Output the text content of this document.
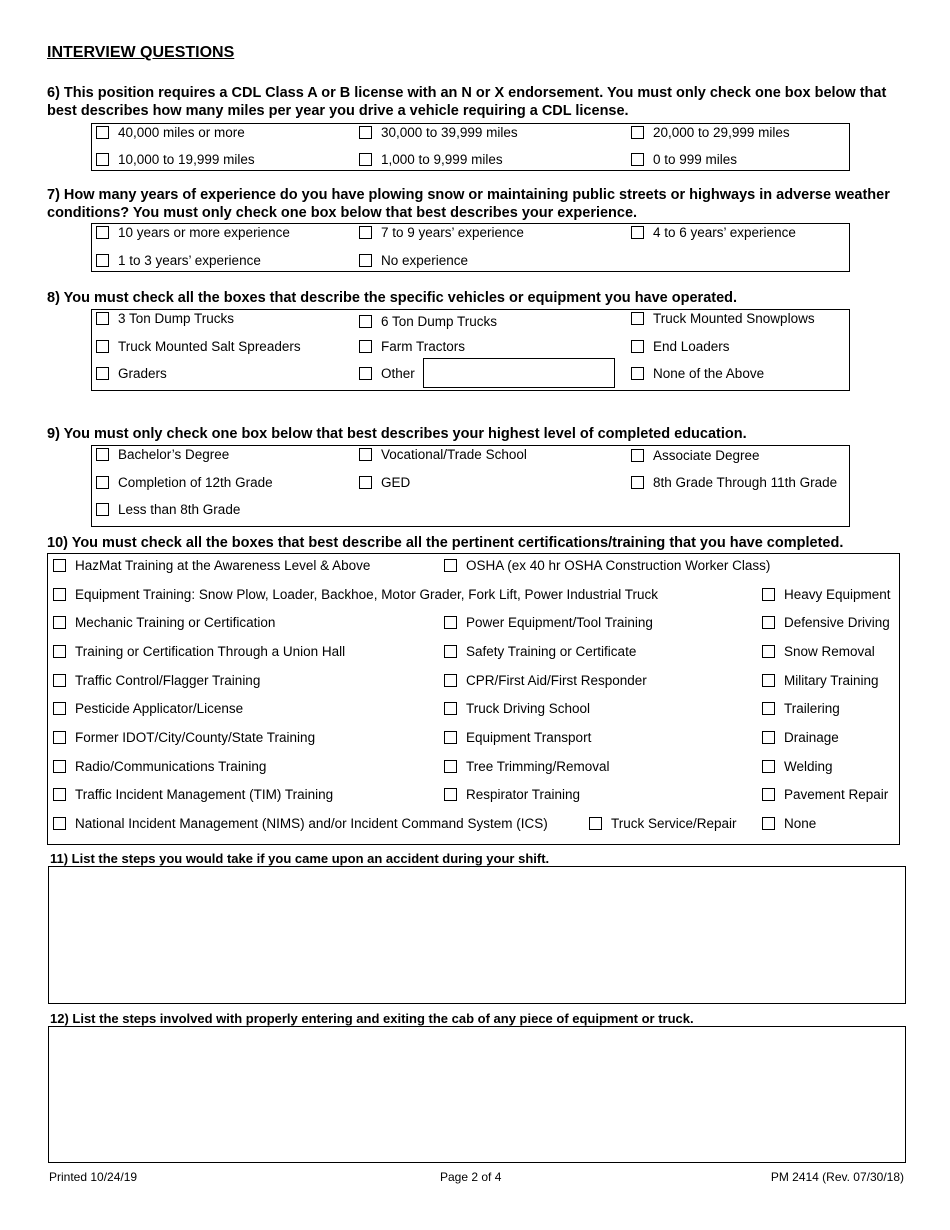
INTERVIEW QUESTIONS
6) This position requires a CDL Class A or B license with an N or X endorsement. You must only check one box below that best describes how many miles per year you drive a vehicle requiring a CDL license.
40,000 miles or more	30,000 to 39,999 miles	20,000 to 29,999 miles
10,000 to 19,999 miles	1,000 to 9,999 miles	0 to 999 miles
7) How many years of experience do you have plowing snow or maintaining public streets or highways in adverse weather conditions? You must only check one box below that best describes your experience.
10 years or more experience	7 to 9 years’ experience	4 to 6 years’ experience
1 to 3 years’ experience	No experience
8) You must check all the boxes that describe the specific vehicles or equipment you have operated.
3 Ton Dump Trucks	6 Ton Dump Trucks	Truck Mounted Snowplows
Truck Mounted Salt Spreaders	Farm Tractors	End Loaders
Graders	Other	None of the Above
9) You must only check one box below that best describes your highest level of completed education.
Bachelor’s Degree	Vocational/Trade School	Associate Degree
Completion of 12th Grade	GED	8th Grade Through 11th Grade
Less than 8th Grade
10) You must check all the boxes that best describe all the pertinent certifications/training that you have completed.
HazMat Training at the Awareness Level & Above	OSHA (ex 40 hr OSHA Construction Worker Class)
Equipment Training: Snow Plow, Loader, Backhoe, Motor Grader, Fork Lift, Power Industrial Truck	Heavy Equipment
Mechanic Training or Certification	Power Equipment/Tool Training	Defensive Driving
Training or Certification Through a Union Hall	Safety Training or Certificate	Snow Removal
Traffic Control/Flagger Training	CPR/First Aid/First Responder	Military Training
Pesticide Applicator/License	Truck Driving School	Trailering
Former IDOT/City/County/State Training	Equipment Transport	Drainage
Radio/Communications Training	Tree Trimming/Removal	Welding
Traffic Incident Management (TIM) Training	Respirator Training	Pavement Repair
National Incident Management (NIMS) and/or Incident Command System (ICS)	Truck Service/Repair	None
11) List the steps you would take if you came upon an accident during your shift.
12) List the steps involved with properly entering and exiting the cab of any piece of equipment or truck.
Printed 10/24/19	Page 2 of 4	PM 2414 (Rev. 07/30/18)
